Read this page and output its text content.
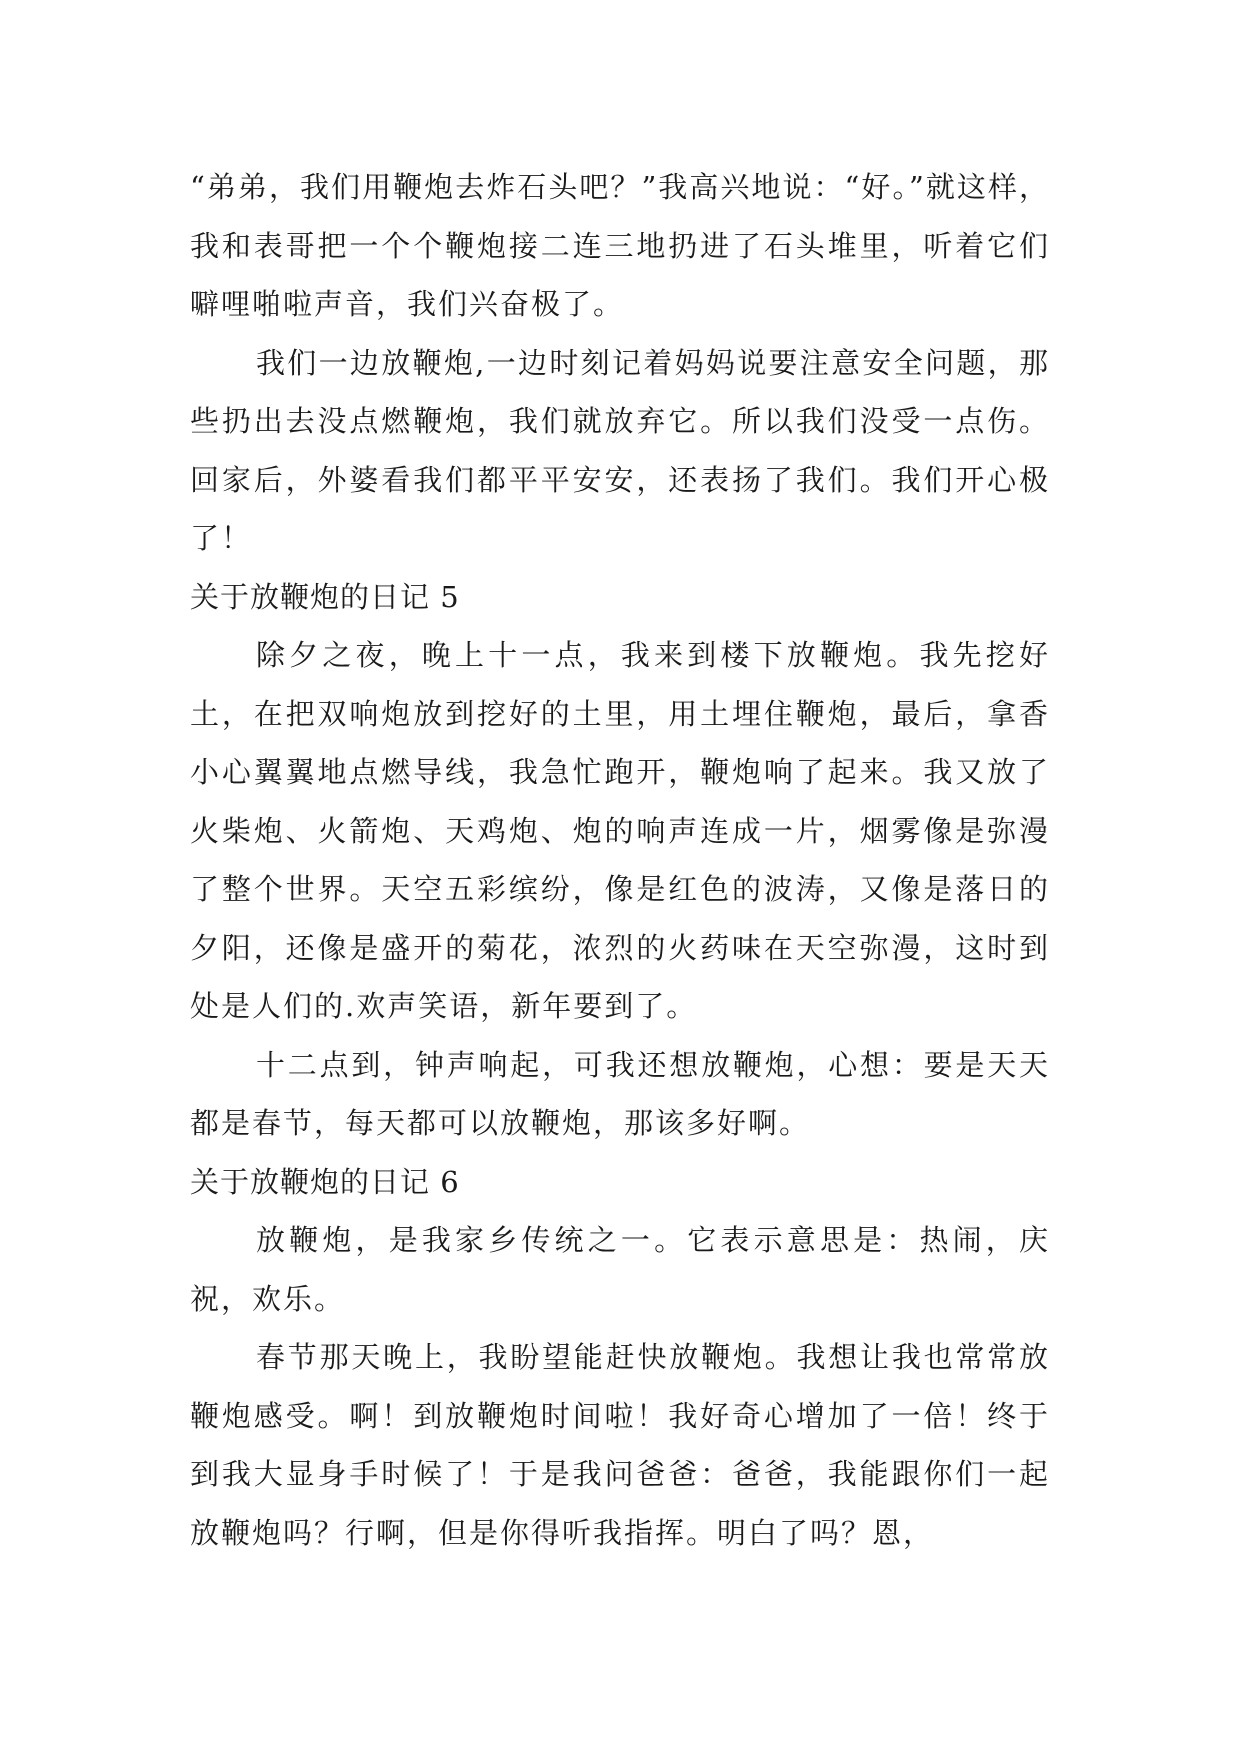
“弟弟，我们用鞭炮去炸石头吧？”我高兴地说：“好。”就这样，我和表哥把一个个鞭炮接二连三地扔进了石头堆里，听着它们噼哩啪啦声音，我们兴奋极了。

我们一边放鞭炮,一边时刻记着妈妈说要注意安全问题，那些扔出去没点燃鞭炮，我们就放弃它。所以我们没受一点伤。回家后，外婆看我们都平平安安，还表扬了我们。我们开心极了！

关于放鞭炮的日记 5

除夕之夜，晚上十一点，我来到楼下放鞭炮。我先挖好土，在把双响炮放到挖好的土里，用土埋住鞭炮，最后，拿香小心翼翼地点燃导线，我急忙跑开，鞭炮响了起来。我又放了火柴炮、火箭炮、天鸡炮、炮的响声连成一片，烟雾像是弥漫了整个世界。天空五彩缤纷，像是红色的波涛，又像是落日的夕阳，还像是盛开的菊花，浓烈的火药味在天空弥漫，这时到处是人们的.欢声笑语，新年要到了。

十二点到，钟声响起，可我还想放鞭炮，心想：要是天天都是春节，每天都可以放鞭炮，那该多好啊。

关于放鞭炮的日记 6

放鞭炮，是我家乡传统之一。它表示意思是：热闹，庆祝，欢乐。

春节那天晚上，我盼望能赶快放鞭炮。我想让我也常常放鞭炮感受。啊！到放鞭炮时间啦！我好奇心增加了一倍！终于到我大显身手时候了！于是我问爸爸：爸爸，我能跟你们一起放鞭炮吗？行啊，但是你得听我指挥。明白了吗？恩，
